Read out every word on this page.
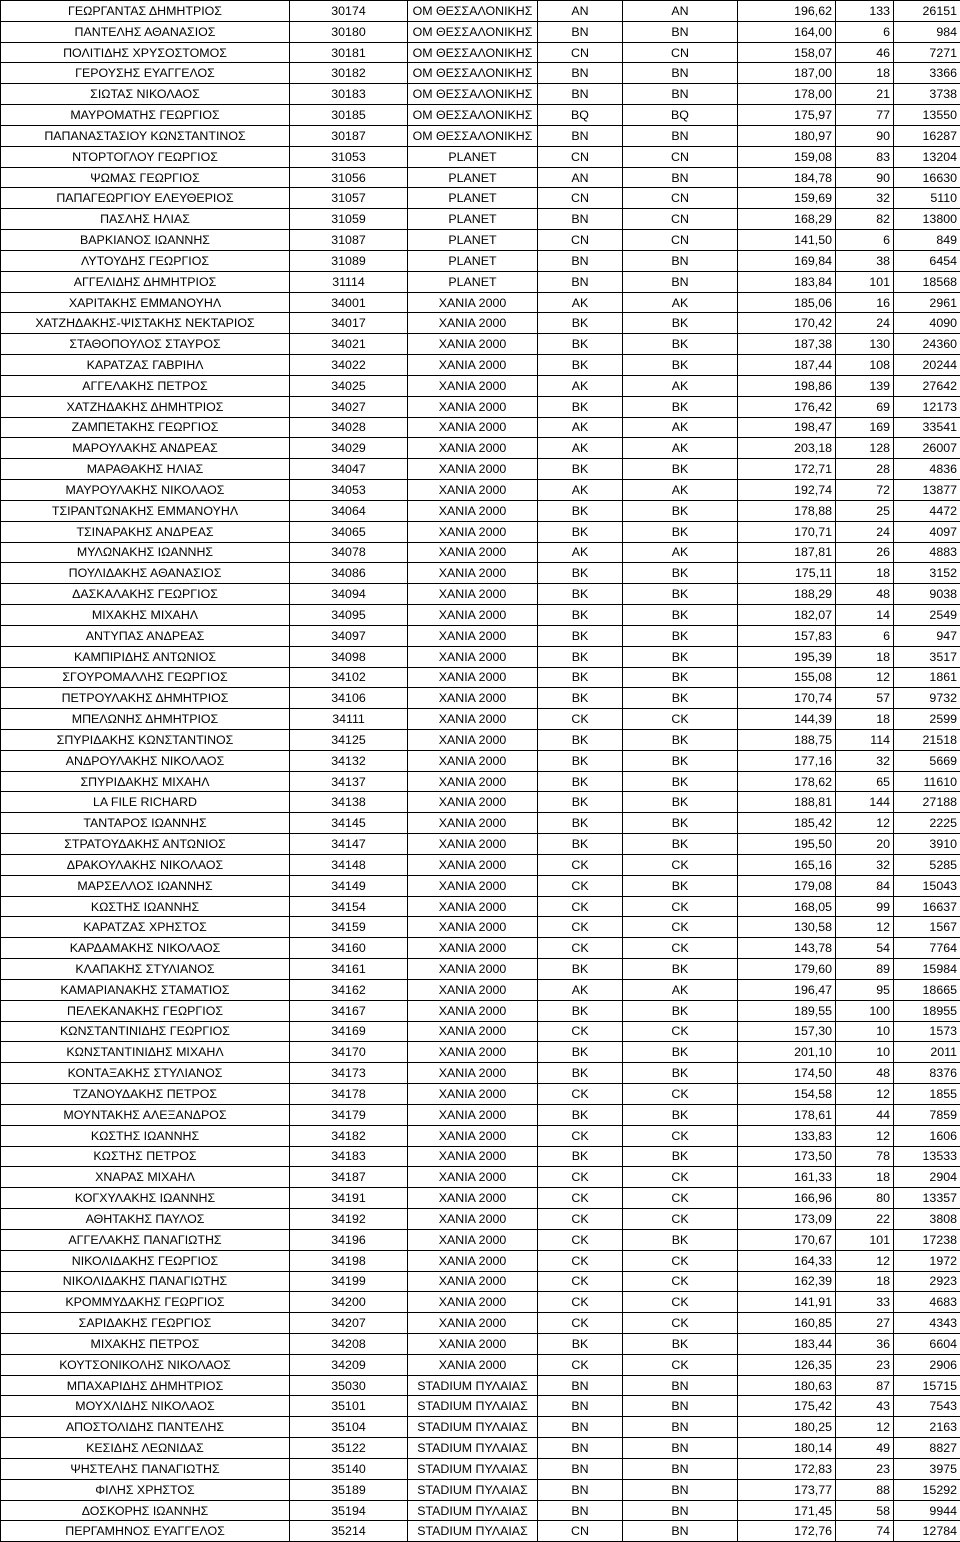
ΓΕΩΡΓΑΝΤΑΣ ΔΗΜΗΤΡΙΟΣ	30174	ΟΜ ΘΕΣΣΑΛΟΝΙΚΗΣ	AN	AN	196,62	133	26151
ΠΑΝΤΕΛΗΣ ΑΘΑΝΑΣΙΟΣ	30180	ΟΜ ΘΕΣΣΑΛΟΝΙΚΗΣ	BN	BN	164,00	6	984
ΠΟΛΙΤΙΔΗΣ ΧΡΥΣΟΣΤΟΜΟΣ	30181	ΟΜ ΘΕΣΣΑΛΟΝΙΚΗΣ	CN	CN	158,07	46	7271
ΓΕΡΟΥΣΗΣ ΕΥΑΓΓΕΛΟΣ	30182	ΟΜ ΘΕΣΣΑΛΟΝΙΚΗΣ	BN	BN	187,00	18	3366
ΣΙΩΤΑΣ ΝΙΚΟΛΑΟΣ	30183	ΟΜ ΘΕΣΣΑΛΟΝΙΚΗΣ	BN	BN	178,00	21	3738
ΜΑΥΡΟΜΑΤΗΣ ΓΕΩΡΓΙΟΣ	30185	ΟΜ ΘΕΣΣΑΛΟΝΙΚΗΣ	BQ	BQ	175,97	77	13550
ΠΑΠΑΝΑΣΤΑΣΙΟΥ ΚΩΝΣΤΑΝΤΙΝΟΣ	30187	ΟΜ ΘΕΣΣΑΛΟΝΙΚΗΣ	BN	BN	180,97	90	16287
ΝΤΟΡΤΟΓΛΟΥ ΓΕΩΡΓΙΟΣ	31053	PLANET	CN	CN	159,08	83	13204
ΨΩΜΑΣ ΓΕΩΡΓΙΟΣ	31056	PLANET	AN	BN	184,78	90	16630
ΠΑΠΑΓΕΩΡΓΙΟΥ ΕΛΕΥΘΕΡΙΟΣ	31057	PLANET	CN	CN	159,69	32	5110
ΠΑΣΛΗΣ ΗΛΙΑΣ	31059	PLANET	BN	CN	168,29	82	13800
ΒΑΡΚΙΑΝΟΣ ΙΩΑΝΝΗΣ	31087	PLANET	CN	CN	141,50	6	849
ΛΥΤΟΥΔΗΣ ΓΕΩΡΓΙΟΣ	31089	PLANET	BN	BN	169,84	38	6454
ΑΓΓΕΛΙΔΗΣ ΔΗΜΗΤΡΙΟΣ	31114	PLANET	BN	BN	183,84	101	18568
ΧΑΡΙΤΑΚΗΣ ΕΜΜΑΝΟΥΗΛ	34001	ΧΑΝΙΑ 2000	AK	AK	185,06	16	2961
ΧΑΤΖΗΔΑΚΗΣ-ΨΙΣΤΑΚΗΣ ΝΕΚΤΑΡΙΟΣ	34017	ΧΑΝΙΑ 2000	BK	BK	170,42	24	4090
ΣΤΑΘΟΠΟΥΛΟΣ ΣΤΑΥΡΟΣ	34021	ΧΑΝΙΑ 2000	BK	BK	187,38	130	24360
ΚΑΡΑΤΖΑΣ ΓΑΒΡΙΗΛ	34022	ΧΑΝΙΑ 2000	BK	BK	187,44	108	20244
ΑΓΓΕΛΑΚΗΣ ΠΕΤΡΟΣ	34025	ΧΑΝΙΑ 2000	AK	AK	198,86	139	27642
ΧΑΤΖΗΔΑΚΗΣ ΔΗΜΗΤΡΙΟΣ	34027	ΧΑΝΙΑ 2000	BK	BK	176,42	69	12173
ΖΑΜΠΕΤΑΚΗΣ ΓΕΩΡΓΙΟΣ	34028	ΧΑΝΙΑ 2000	AK	AK	198,47	169	33541
ΜΑΡΟΥΛΑΚΗΣ ΑΝΔΡΕΑΣ	34029	ΧΑΝΙΑ 2000	AK	AK	203,18	128	26007
ΜΑΡΑΘΑΚΗΣ ΗΛΙΑΣ	34047	ΧΑΝΙΑ 2000	BK	BK	172,71	28	4836
ΜΑΥΡΟΥΛΑΚΗΣ ΝΙΚΟΛΑΟΣ	34053	ΧΑΝΙΑ 2000	AK	AK	192,74	72	13877
ΤΣΙΡΑΝΤΩΝΑΚΗΣ ΕΜΜΑΝΟΥΗΛ	34064	ΧΑΝΙΑ 2000	BK	BK	178,88	25	4472
ΤΣΙΝΑΡΑΚΗΣ ΑΝΔΡΕΑΣ	34065	ΧΑΝΙΑ 2000	BK	BK	170,71	24	4097
ΜΥΛΩΝΑΚΗΣ ΙΩΑΝΝΗΣ	34078	ΧΑΝΙΑ 2000	AK	AK	187,81	26	4883
ΠΟΥΛΙΔΑΚΗΣ ΑΘΑΝΑΣΙΟΣ	34086	ΧΑΝΙΑ 2000	BK	BK	175,11	18	3152
ΔΑΣΚΑΛΑΚΗΣ ΓΕΩΡΓΙΟΣ	34094	ΧΑΝΙΑ 2000	BK	BK	188,29	48	9038
ΜΙΧΑΚΗΣ ΜΙΧΑΗΛ	34095	ΧΑΝΙΑ 2000	BK	BK	182,07	14	2549
ΑΝΤΥΠΑΣ ΑΝΔΡΕΑΣ	34097	ΧΑΝΙΑ 2000	BK	BK	157,83	6	947
ΚΑΜΠΙΡΙΔΗΣ ΑΝΤΩΝΙΟΣ	34098	ΧΑΝΙΑ 2000	BK	BK	195,39	18	3517
ΣΓΟΥΡΟΜΑΛΛΗΣ ΓΕΩΡΓΙΟΣ	34102	ΧΑΝΙΑ 2000	BK	BK	155,08	12	1861
ΠΕΤΡΟΥΛΑΚΗΣ ΔΗΜΗΤΡΙΟΣ	34106	ΧΑΝΙΑ 2000	BK	BK	170,74	57	9732
ΜΠΕΛΩΝΗΣ ΔΗΜΗΤΡΙΟΣ	34111	ΧΑΝΙΑ 2000	CK	CK	144,39	18	2599
ΣΠΥΡΙΔΑΚΗΣ ΚΩΝΣΤΑΝΤΙΝΟΣ	34125	ΧΑΝΙΑ 2000	BK	BK	188,75	114	21518
ΑΝΔΡΟΥΛΑΚΗΣ ΝΙΚΟΛΑΟΣ	34132	ΧΑΝΙΑ 2000	BK	BK	177,16	32	5669
ΣΠΥΡΙΔΑΚΗΣ ΜΙΧΑΗΛ	34137	ΧΑΝΙΑ 2000	BK	BK	178,62	65	11610
LA FILE RICHARD	34138	ΧΑΝΙΑ 2000	BK	BK	188,81	144	27188
ΤΑΝΤΑΡΟΣ ΙΩΑΝΝΗΣ	34145	ΧΑΝΙΑ 2000	BK	BK	185,42	12	2225
ΣΤΡΑΤΟΥΔΑΚΗΣ ΑΝΤΩΝΙΟΣ	34147	ΧΑΝΙΑ 2000	BK	BK	195,50	20	3910
ΔΡΑΚΟΥΛΑΚΗΣ ΝΙΚΟΛΑΟΣ	34148	ΧΑΝΙΑ 2000	CK	CK	165,16	32	5285
ΜΑΡΣΕΛΛΟΣ ΙΩΑΝΝΗΣ	34149	ΧΑΝΙΑ 2000	CK	BK	179,08	84	15043
ΚΩΣΤΗΣ ΙΩΑΝΝΗΣ	34154	ΧΑΝΙΑ 2000	CK	CK	168,05	99	16637
ΚΑΡΑΤΖΑΣ ΧΡΗΣΤΟΣ	34159	ΧΑΝΙΑ 2000	CK	CK	130,58	12	1567
ΚΑΡΔΑΜΑΚΗΣ ΝΙΚΟΛΑΟΣ	34160	ΧΑΝΙΑ 2000	CK	CK	143,78	54	7764
ΚΛΑΠΑΚΗΣ ΣΤΥΛΙΑΝΟΣ	34161	ΧΑΝΙΑ 2000	BK	BK	179,60	89	15984
ΚΑΜΑΡΙΑΝΑΚΗΣ ΣΤΑΜΑΤΙΟΣ	34162	ΧΑΝΙΑ 2000	AK	AK	196,47	95	18665
ΠΕΛΕΚΑΝΑΚΗΣ ΓΕΩΡΓΙΟΣ	34167	ΧΑΝΙΑ 2000	BK	BK	189,55	100	18955
ΚΩΝΣΤΑΝΤΙΝΙΔΗΣ ΓΕΩΡΓΙΟΣ	34169	ΧΑΝΙΑ 2000	CK	CK	157,30	10	1573
ΚΩΝΣΤΑΝΤΙΝΙΔΗΣ ΜΙΧΑΗΛ	34170	ΧΑΝΙΑ 2000	BK	BK	201,10	10	2011
ΚΟΝΤΑΞΑΚΗΣ ΣΤΥΛΙΑΝΟΣ	34173	ΧΑΝΙΑ 2000	BK	BK	174,50	48	8376
ΤΖΑΝΟΥΔΑΚΗΣ ΠΕΤΡΟΣ	34178	ΧΑΝΙΑ 2000	CK	CK	154,58	12	1855
ΜΟΥΝΤΑΚΗΣ ΑΛΕΞΑΝΔΡΟΣ	34179	ΧΑΝΙΑ 2000	BK	BK	178,61	44	7859
ΚΩΣΤΗΣ ΙΩΑΝΝΗΣ	34182	ΧΑΝΙΑ 2000	CK	CK	133,83	12	1606
ΚΩΣΤΗΣ ΠΕΤΡΟΣ	34183	ΧΑΝΙΑ 2000	BK	BK	173,50	78	13533
ΧΝΑΡΑΣ ΜΙΧΑΗΛ	34187	ΧΑΝΙΑ 2000	CK	CK	161,33	18	2904
ΚΟΓΧΥΛΑΚΗΣ ΙΩΑΝΝΗΣ	34191	ΧΑΝΙΑ 2000	CK	CK	166,96	80	13357
ΑΘΗΤΑΚΗΣ ΠΑΥΛΟΣ	34192	ΧΑΝΙΑ 2000	CK	CK	173,09	22	3808
ΑΓΓΕΛΑΚΗΣ ΠΑΝΑΓΙΩΤΗΣ	34196	ΧΑΝΙΑ 2000	CK	BK	170,67	101	17238
ΝΙΚΟΛΙΔΑΚΗΣ ΓΕΩΡΓΙΟΣ	34198	ΧΑΝΙΑ 2000	CK	CK	164,33	12	1972
ΝΙΚΟΛΙΔΑΚΗΣ ΠΑΝΑΓΙΩΤΗΣ	34199	ΧΑΝΙΑ 2000	CK	CK	162,39	18	2923
ΚΡΟΜΜΥΔΑΚΗΣ ΓΕΩΡΓΙΟΣ	34200	ΧΑΝΙΑ 2000	CK	CK	141,91	33	4683
ΣΑΡΙΔΑΚΗΣ ΓΕΩΡΓΙΟΣ	34207	ΧΑΝΙΑ 2000	CK	CK	160,85	27	4343
ΜΙΧΑΚΗΣ ΠΕΤΡΟΣ	34208	ΧΑΝΙΑ 2000	BK	BK	183,44	36	6604
ΚΟΥΤΣΟΝΙΚΟΛΗΣ ΝΙΚΟΛΑΟΣ	34209	ΧΑΝΙΑ 2000	CK	CK	126,35	23	2906
ΜΠΑΧΑΡΙΔΗΣ ΔΗΜΗΤΡΙΟΣ	35030	STADIUM ΠΥΛΑΙΑΣ	BN	BN	180,63	87	15715
ΜΟΥΧΛΙΔΗΣ ΝΙΚΟΛΑΟΣ	35101	STADIUM ΠΥΛΑΙΑΣ	BN	BN	175,42	43	7543
ΑΠΟΣΤΟΛΙΔΗΣ ΠΑΝΤΕΛΗΣ	35104	STADIUM ΠΥΛΑΙΑΣ	BN	BN	180,25	12	2163
ΚΕΣΙΔΗΣ ΛΕΩΝΙΔΑΣ	35122	STADIUM ΠΥΛΑΙΑΣ	BN	BN	180,14	49	8827
ΨΗΣΤΕΛΗΣ ΠΑΝΑΓΙΩΤΗΣ	35140	STADIUM ΠΥΛΑΙΑΣ	BN	BN	172,83	23	3975
ΦΙΛΗΣ ΧΡΗΣΤΟΣ	35189	STADIUM ΠΥΛΑΙΑΣ	BN	BN	173,77	88	15292
ΔΟΣΚΟΡΗΣ ΙΩΑΝΝΗΣ	35194	STADIUM ΠΥΛΑΙΑΣ	BN	BN	171,45	58	9944
ΠΕΡΓΑΜΗΝΟΣ ΕΥΑΓΓΕΛΟΣ	35214	STADIUM ΠΥΛΑΙΑΣ	CN	BN	172,76	74	12784
